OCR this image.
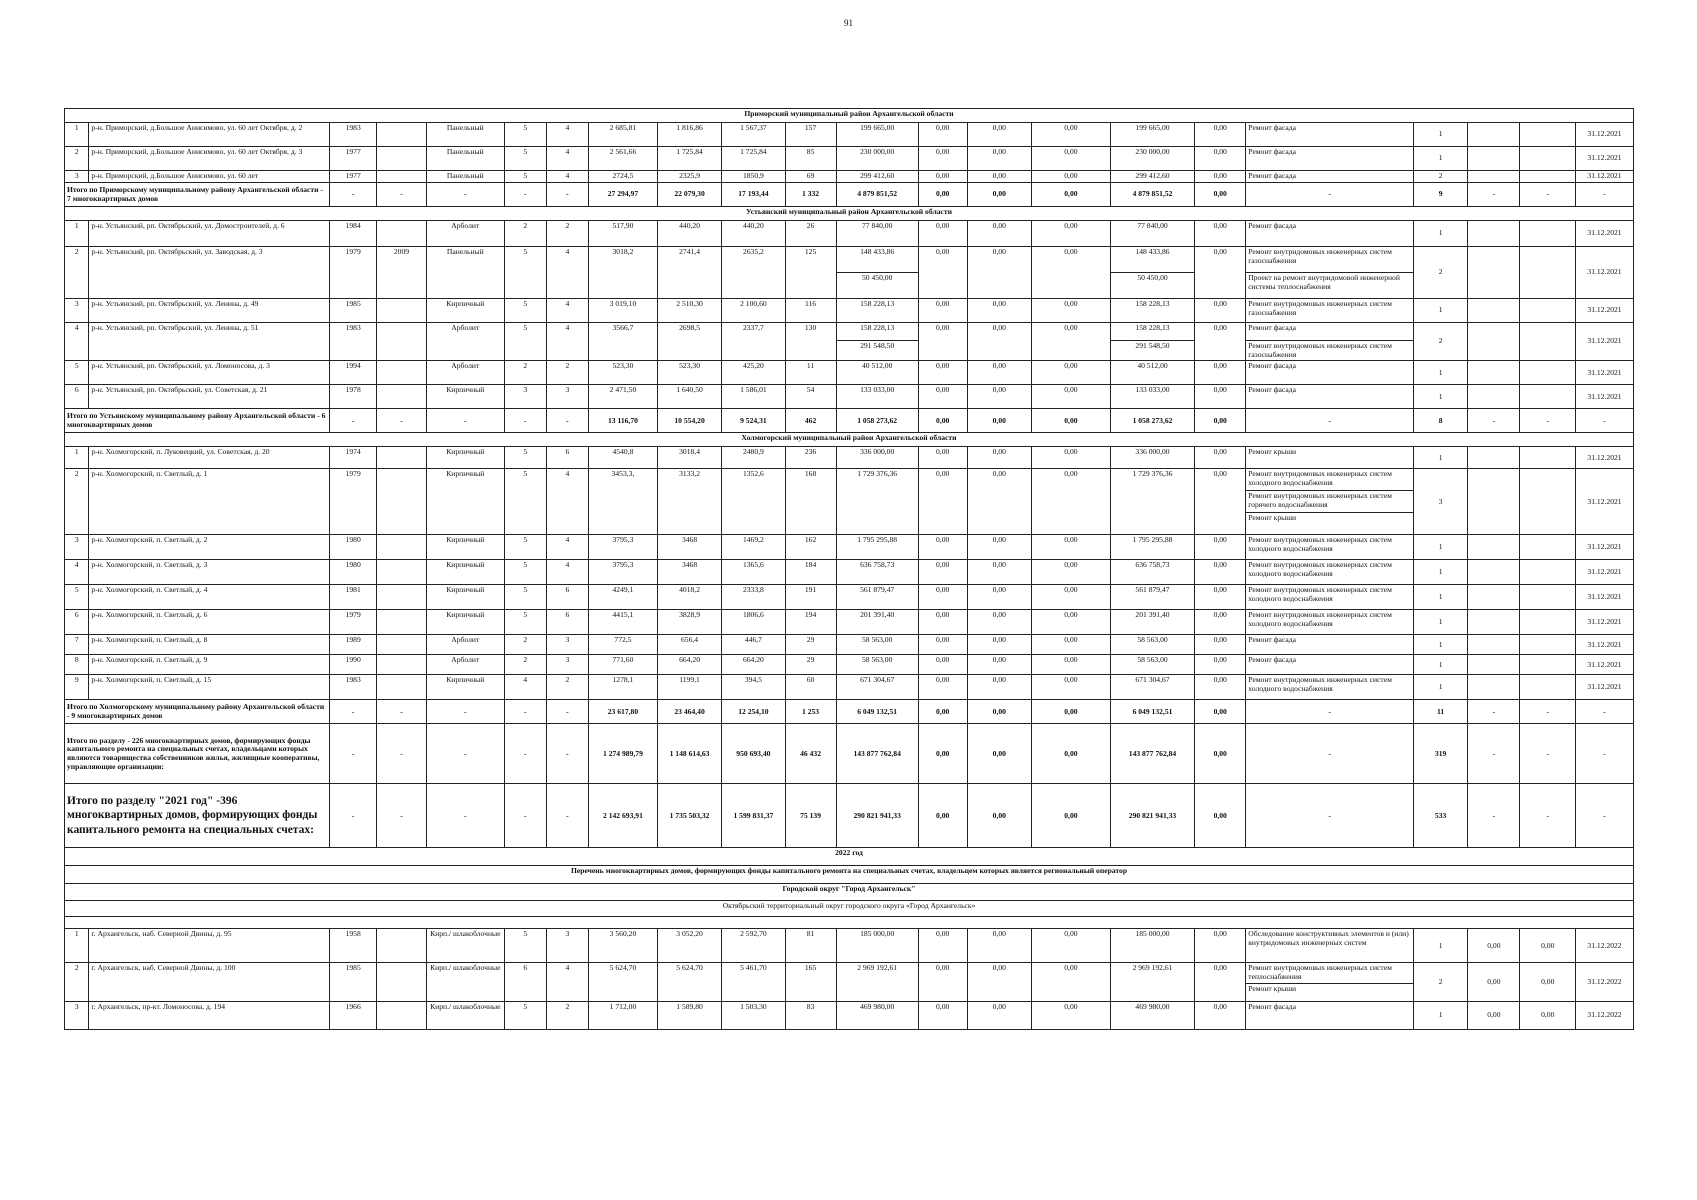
91
Приморский муниципальный район Архангельской области																					
1	р-н. Приморский, д.Большое Анисимово, ул. 60 лет Октября, д. 2	1983		Панельный	5	4	2 685,81	1 816,86	1 567,37	157	199 665,00	0,00	0,00	0,00	199 665,00	0,00	Ремонт фасада	1			31.12.2021
2	р-н. Приморский, д.Большое Анисимово, ул. 60 лет Октября, д. 3	1977		Панельный	5	4	2 561,66	1 725,84	1 725,84	85	230 000,00	0,00	0,00	0,00	230 000,00	0,00	Ремонт фасада	1			31.12.2021
3	р-н. Приморский, д.Большое Анисимово, ул. 60 лет	1977		Панельный	5	4	2724,5	2325,9	1850,9	69	299 412,60	0,00	0,00	0,00	299 412,60	0,00	Ремонт фасада	2			31.12.2021
Итого по Приморскому муниципальному району Архангельской области - 7 многоквартирных домов		-	-	-	-	-	27 294,97	22 079,30	17 193,44	1 332	4 879 851,52	0,00	0,00	0,00	4 879 851,52	0,00	-	9	-	-	-
Устьянский муниципальный район Архангельской области																					
1	р-н. Устьянский, рп. Октябрьский, ул. Домостроителей, д. 6	1984		Арболит	2	2	517,90	440,20	440,20	26	77 840,00	0,00	0,00	0,00	77 840,00	0,00	Ремонт фасада	1			31.12.2021
2	р-н. Устьянский, рп. Октябрьский, ул. Заводская, д. 3	1979	2009	Панельный	5	4	3018,2	2741,4	2635,2	125	148 433,86	0,00	0,00	0,00	148 433,86	0,00	Ремонт внутридомовых инженерных систем газоснабжения	2			31.12.2021
											50 450,00				50 450,00		Проект на ремонт внутридомовой инженерной системы теплоснабжения				
3	р-н. Устьянский, рп. Октябрьский, ул. Ленина, д. 49	1985		Кирпичный	5	4	3 019,10	2 510,30	2 100,60	116	158 228,13	0,00	0,00	0,00	158 228,13	0,00	Ремонт внутридомовых инженерных систем газоснабжения	1			31.12.2021
4	р-н. Устьянский, рп. Октябрьский, ул. Ленина, д. 51	1983		Арболит	5	4	3566,7	2698,5	2337,7	130	158 228,13	0,00	0,00	0,00	158 228,13	0,00	Ремонт фасада	2			31.12.2021
											291 548,50				291 548,50		Ремонт внутридомовых инженерных систем газоснабжения				
5	р-н. Устьянский, рп. Октябрьский, ул. Ломоносова, д. 3	1994		Арболит	2	2	523,30	523,30	425,20	11	40 512,00	0,00	0,00	0,00	40 512,00	0,00	Ремонт фасада	1			31.12.2021
6	р-н. Устьянский, рп. Октябрьский, ул. Советская, д. 21	1978		Кирпичный	3	3	2 471,50	1 640,50	1 586,01	54	133 033,00	0,00	0,00	0,00	133 033,00	0,00	Ремонт фасада	1			31.12.2021
Итого по Устьянскому муниципальному району Архангельской области - 6 многоквартирных домов		-	-	-	-	-	13 116,70	10 554,20	9 524,31	462	1 058 273,62	0,00	0,00	0,00	1 058 273,62	0,00	-	8	-	-	-
Холмогорский муниципальный район Архангельской области																					
1	р-н. Холмогорский, п. Луковецкий, ул. Советская, д. 20	1974		Кирпичный	5	6	4540,8	3018,4	2480,9	236	336 000,00	0,00	0,00	0,00	336 000,00	0,00	Ремонт крыши	1			31.12.2021
2	р-н. Холмогорский, п. Светлый, д. 1	1979		Кирпичный	5	4	3453,3,	3133,2	1352,6	168	1 729 376,36	0,00	0,00	0,00	1 729 376,36	0,00	Ремонт внутридомовых инженерных систем холодного водоснабжения	3			31.12.2021
																	Ремонт внутридомовых инженерных систем горячего водоснабжения				
																	Ремонт крыши				
3	р-н. Холмогорский, п. Светлый, д. 2	1980		Кирпичный	5	4	3795,3	3468	1469,2	162	1 795 295,88	0,00	0,00	0,00	1 795 295,88	0,00	Ремонт внутридомовых инженерных систем холодного водоснабжения	1			31.12.2021
4	р-н. Холмогорский, п. Светлый, д. 3	1980		Кирпичный	5	4	3795,3	3468	1365,6	184	636 758,73	0,00	0,00	0,00	636 758,73	0,00	Ремонт внутридомовых инженерных систем холодного водоснабжения	1			31.12.2021
5	р-н. Холмогорский, п. Светлый, д. 4	1981		Кирпичный	5	6	4249,1	4018,2	2333,8	191	561 879,47	0,00	0,00	0,00	561 879,47	0,00	Ремонт внутридомовых инженерных систем холодного водоснабжения	1			31.12.2021
6	р-н. Холмогорский, п. Светлый, д. 6	1979		Кирпичный	5	6	4415,1	3828,9	1806,6	194	201 391,40	0,00	0,00	0,00	201 391,40	0,00	Ремонт внутридомовых инженерных систем холодного водоснабжения	1			31.12.2021
7	р-н. Холмогорский, п. Светлый, д. 8	1989		Арболит	2	3	772,5	656,4	446,7	29	58 563,00	0,00	0,00	0,00	58 563,00	0,00	Ремонт фасада	1			31.12.2021
8	р-н. Холмогорский, п. Светлый, д. 9	1990		Арболит	2	3	771,60	664,20	664,20	29	58 563,00	0,00	0,00	0,00	58 563,00	0,00	Ремонт фасада	1			31.12.2021
9	р-н. Холмогорский, п. Светлый, д. 15	1983		Кирпичный	4	2	1278,1	1199,1	394,5	60	671 304,67	0,00	0,00	0,00	671 304,67	0,00	Ремонт внутридомовых инженерных систем холодного водоснабжения	1			31.12.2021
Итого по Холмогорскому муниципальному району Архангельской области - 9 многоквартирных домов		-	-	-	-	-	23 617,80	23 464,40	12 254,10	1 253	6 049 132,51	0,00	0,00	0,00	6 049 132,51	0,00	-	11	-	-	-
Итого по разделу - 226 многоквартирных домов, формирующих фонды капитального ремонта на специальных счетах, владельцами которых являются товарищества собственников жилья, жилищные кооперативы, управляющие организации:		-	-	-	-	-	1 274 989,79	1 148 614,63	950 693,40	46 432	143 877 762,84	0,00	0,00	0,00	143 877 762,84	0,00	-	319	-	-	-
Итого по разделу "2021 год" -396 многоквартирных домов, формирующих фонды капитального ремонта на специальных счетах:		-	-	-	-	-	2 142 693,91	1 735 503,32	1 599 831,37	75 139	290 821 941,33	0,00	0,00	0,00	290 821 941,33	0,00	-	533	-	-	-
2022 год																					
Перечень многоквартирных домов, формирующих фонды капитального ремонта на специальных счетах, владельцем которых является региональный оператор																					
Городской округ "Город Архангельск"																					
Октябрьский территориальный округ городского округа «Город Архангельск»																					

1	г. Архангельск, наб. Северной Двины, д. 95	1958		Кирп./ шлакоблочные	5	3	3 560,20	3 052,20	2 592,70	81	185 000,00	0,00	0,00	0,00	185 000,00	0,00	Обследование конструктивных элементов и (или) внутридомовых инженерных систем	1	0,00	0,00	31.12.2022
2	г. Архангельск, наб. Северной Двины, д. 100	1985		Кирп./ шлакоблочные	6	4	5 624,70	5 624,70	5 461,70	165	2 969 192,61	0,00	0,00	0,00	2 969 192,61	0,00	Ремонт внутридомовых инженерных систем теплоснабжения	2	0,00	0,00	31.12.2022
																	Ремонт крыши				
3	г. Архангельск, пр-кт. Ломоносова, д. 194	1966		Кирп./ шлакоблочные	5	2	1 712,00	1 589,80	1 503,30	83	469 980,00	0,00	0,00	0,00	469 980,00	0,00	Ремонт фасада	1	0,00	0,00	31.12.2022
